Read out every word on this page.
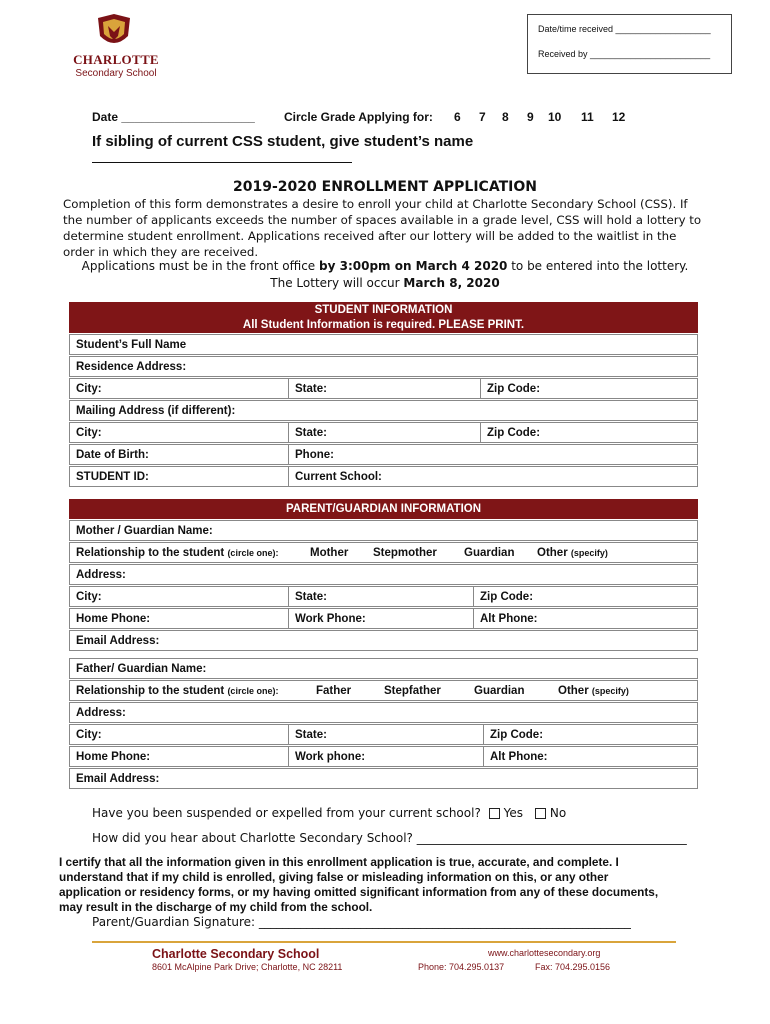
CHARLOTTE
Secondary School
Date/time received ___________________
Received by ________________________
Date ____________________ Circle Grade Applying for: 6 7 8 9 10 11 12
If sibling of current CSS student, give student’s name
2019-2020 ENROLLMENT APPLICATION
Completion of this form demonstrates a desire to enroll your child at Charlotte Secondary School (CSS). If the number of applicants exceeds the number of spaces available in a grade level, CSS will hold a lottery to determine student enrollment. Applications received after our lottery will be added to the waitlist in the order in which they are received.
Applications must be in the front office by 3:00pm on March 4 2020 to be entered into the lottery.
The Lottery will occur March 8, 2020
STUDENT INFORMATION
All Student Information is required. PLEASE PRINT.
Student’s Full Name
Residence Address:
City:	State:	Zip Code:
Mailing Address (if different):
City:	State:	Zip Code:
Date of Birth:	Phone:
STUDENT ID:	Current School:
PARENT/GUARDIAN INFORMATION
Mother / Guardian Name:
Relationship to the student (circle one):	Mother	Stepmother	Guardian	Other (specify)
Address:
City:	State:	Zip Code:
Home Phone:	Work Phone:	Alt Phone:
Email Address:
Father/ Guardian Name:
Relationship to the student (circle one):	Father	Stepfather	Guardian	Other (specify)
Address:
City:	State:	Zip Code:
Home Phone:	Work phone:	Alt Phone:
Email Address:
Have you been suspended or expelled from your current school? Yes No
How did you hear about Charlotte Secondary School? _____________________________________________
I certify that all the information given in this enrollment application is true, accurate, and complete. I understand that if my child is enrolled, giving false or misleading information on this, or any other application or residency forms, or my having omitted significant information from any of these documents, may result in the discharge of my child from the school.
Parent/Guardian Signature: ______________________________________________________________
Charlotte Secondary School
8601 McAlpine Park Drive; Charlotte, NC 28211
www.charlottesecondary.org
Phone: 704.295.0137	Fax: 704.295.0156
